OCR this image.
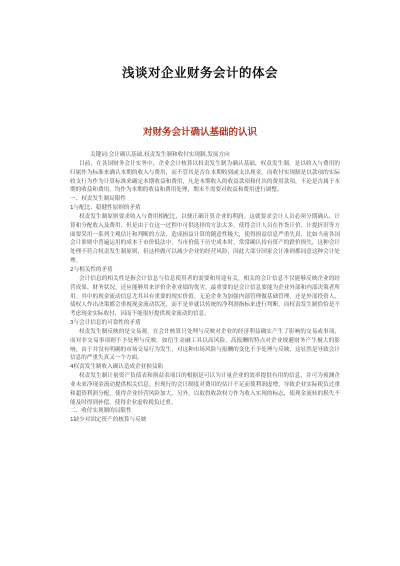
浅谈对企业财务会计的体会
对财务会计确认基础的认识

关键词:会计确认基础,权责发生制和收付实现制,发展方向

目前，在各国财务会计实务中，企业会计核算以权责发生制为确认基础，权责发生制，是以收入与费用的归属作为标准来确认本期的收入与费用，而不管其是否在本期收到或支出现金。而收付实现制是以款项的实际收支行为作为计算标准来确定本期收益和费用，凡是本期收入的收益款项和付出的费用款项，不论是否属于本期的收益和费用，均作为本期的收益和费用处理，期末不需要对收益和费用进行调整。

一、权责发生制局限性

1与配比、稳健性原则的矛盾

权责发生制原则要求收入与费用相配比，以便正确计算企业的利润。这就要求会计人员必须分期确认、计算和分配收入及费用。但是由于在这一过程中可供选择的方法太多，使得会计人员在作货计价、计提折旧等方面要采用一系列主观估计和判断的方法，造成损益计算的随意性极大，使得损益信息严重失真，比如当前各国会计准则中普遍运用的成本于市价低法中，当市价低于历史成本时，常常确认持有资产的跌价损失，这种会计处理不符合权责发生制原则，但这样做可以减少企业的经营风险，因此大部分国家会计准则都同意这种会计处理。

2与相关性的矛盾

会计信息的相关性是指会计信息与信息使用者的需要和用途有关，相关的会计信息不仅能够反映企业的经营成果、财务状况，还应能够用来评价企业业绩的优劣，最重要的是会计信息要能为企业外部和内部决策者所用。其中的现金流动信息尤其具有重要的现实价值。无论企业为加强内部管理做基础管理，还是外部投资人、债权人作出决策都会重视现金流动状况，而不是单就以传统的净利润指标来进行判断，而权责发生制恰恰是不考虑现金实际收付，因而不能很好提供现金流动的信息。

3与会计信息的可靠性的矛盾

权责发生制反映的是交易观，在会计核算只处理与反映对企业的经济利益确实产生了影响的交易或事项，而对非交易事项则不予处理与反映。如衍生金融工具以高风险、高报酬的特点对企业规避财务产生极大的影响，由于并没有明确的市场交易行为发生，对这种市场风险与报酬的变化不予处理与反映，这显然是导致会计信息的严重失真又一个方面。

4权责发生制收入确认造成企业损益陷

权责发生制计量资产负债表和损益表项目的根据是可以为计量企业的效率提供有用的信息，并可为预测企业未来净现金流动提供相关信息。但现行的会计制度对费用的估计不足而使利润虚增，导致企业实际税负过重和超资利润分配，使得企业经营风险加大，另外，以取得收款权力作为收入实现的标志，使现金流转的损失不能及时得到补偿，使得企业虚收税负过重。

二、收付实现制的局限性

1缺少对固定资产的核算与反映
